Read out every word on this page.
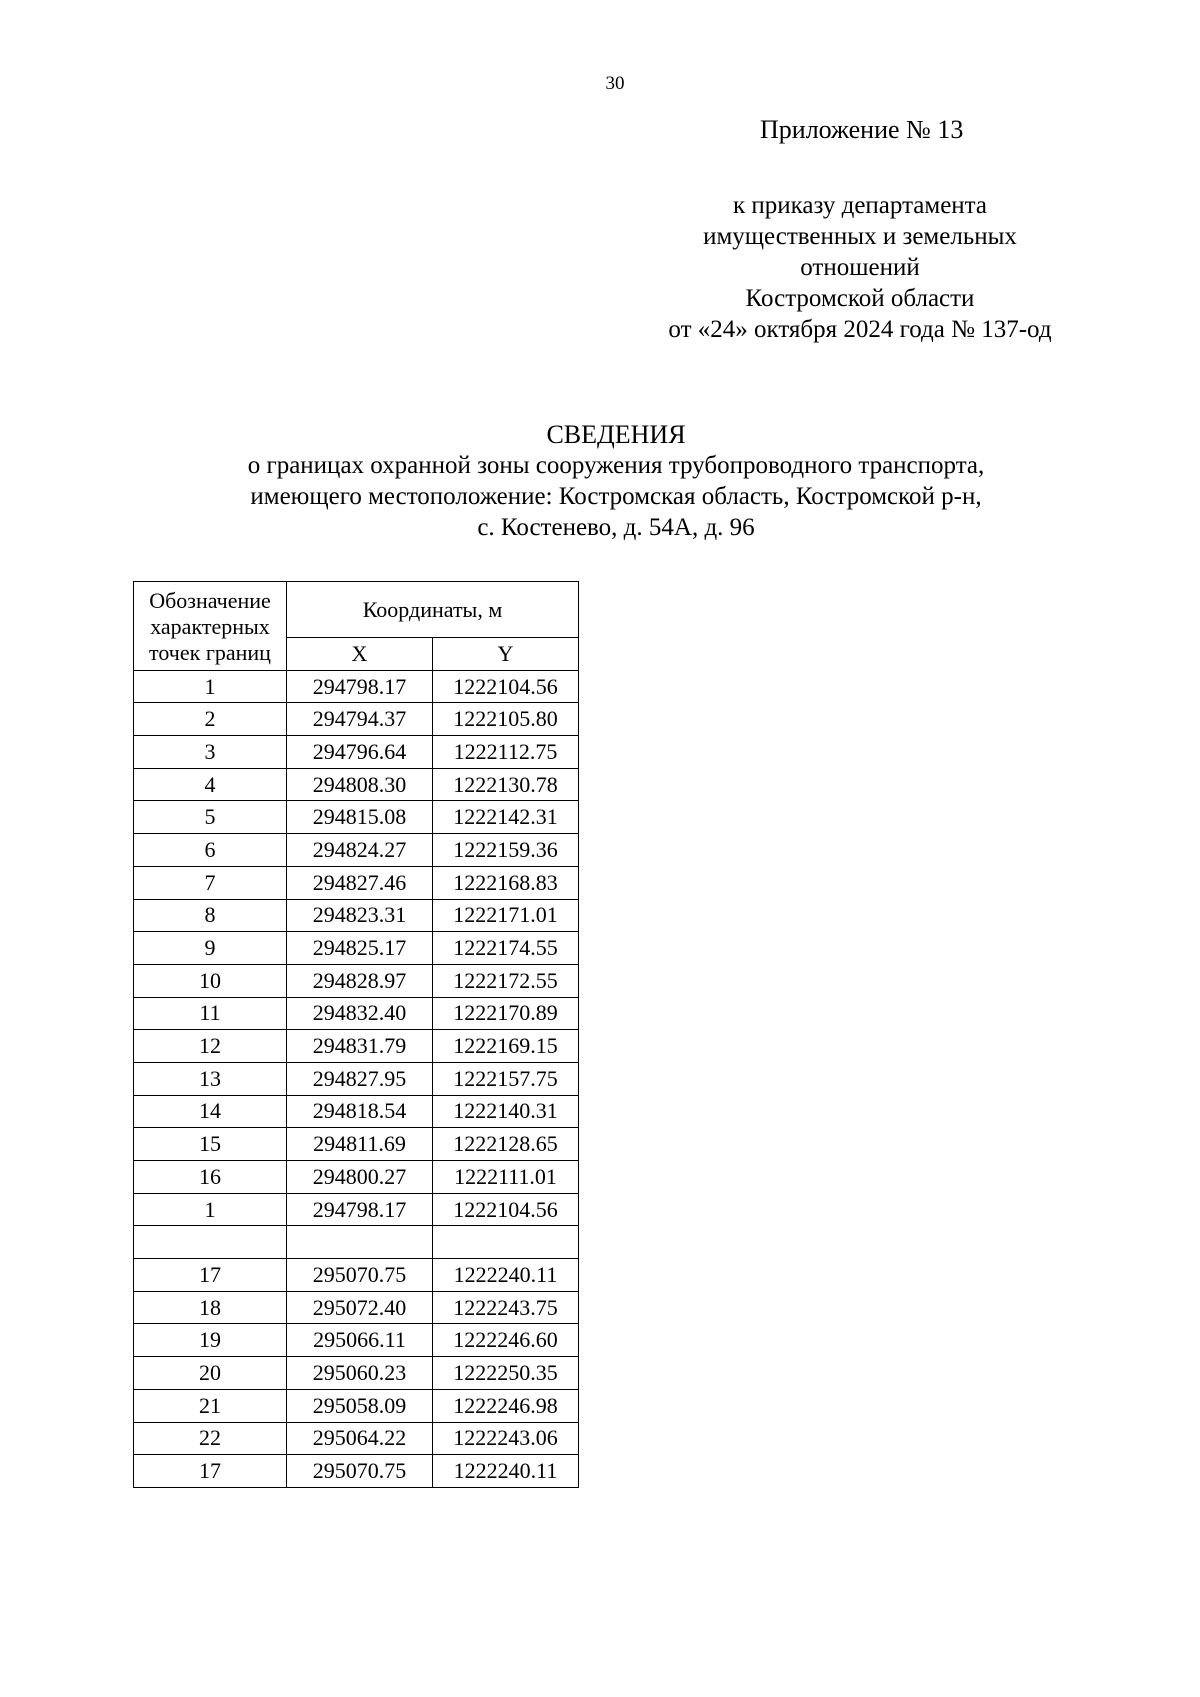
30
Приложение № 13
к приказу департамента
имущественных и земельных
отношений
Костромской области
от «24» октября 2024 года № 137-од
СВЕДЕНИЯ
о границах охранной зоны сооружения трубопроводного транспорта,
имеющего местоположение: Костромская область, Костромской р-н,
с. Костенево, д. 54А, д. 96
Обозначение
характерных
точек границ	Координаты, м	
	X	Y
1	294798.17	1222104.56
2	294794.37	1222105.80
3	294796.64	1222112.75
4	294808.30	1222130.78
5	294815.08	1222142.31
6	294824.27	1222159.36
7	294827.46	1222168.83
8	294823.31	1222171.01
9	294825.17	1222174.55
10	294828.97	1222172.55
11	294832.40	1222170.89
12	294831.79	1222169.15
13	294827.95	1222157.75
14	294818.54	1222140.31
15	294811.69	1222128.65
16	294800.27	1222111.01
1	294798.17	1222104.56

17	295070.75	1222240.11
18	295072.40	1222243.75
19	295066.11	1222246.60
20	295060.23	1222250.35
21	295058.09	1222246.98
22	295064.22	1222243.06
17	295070.75	1222240.11
